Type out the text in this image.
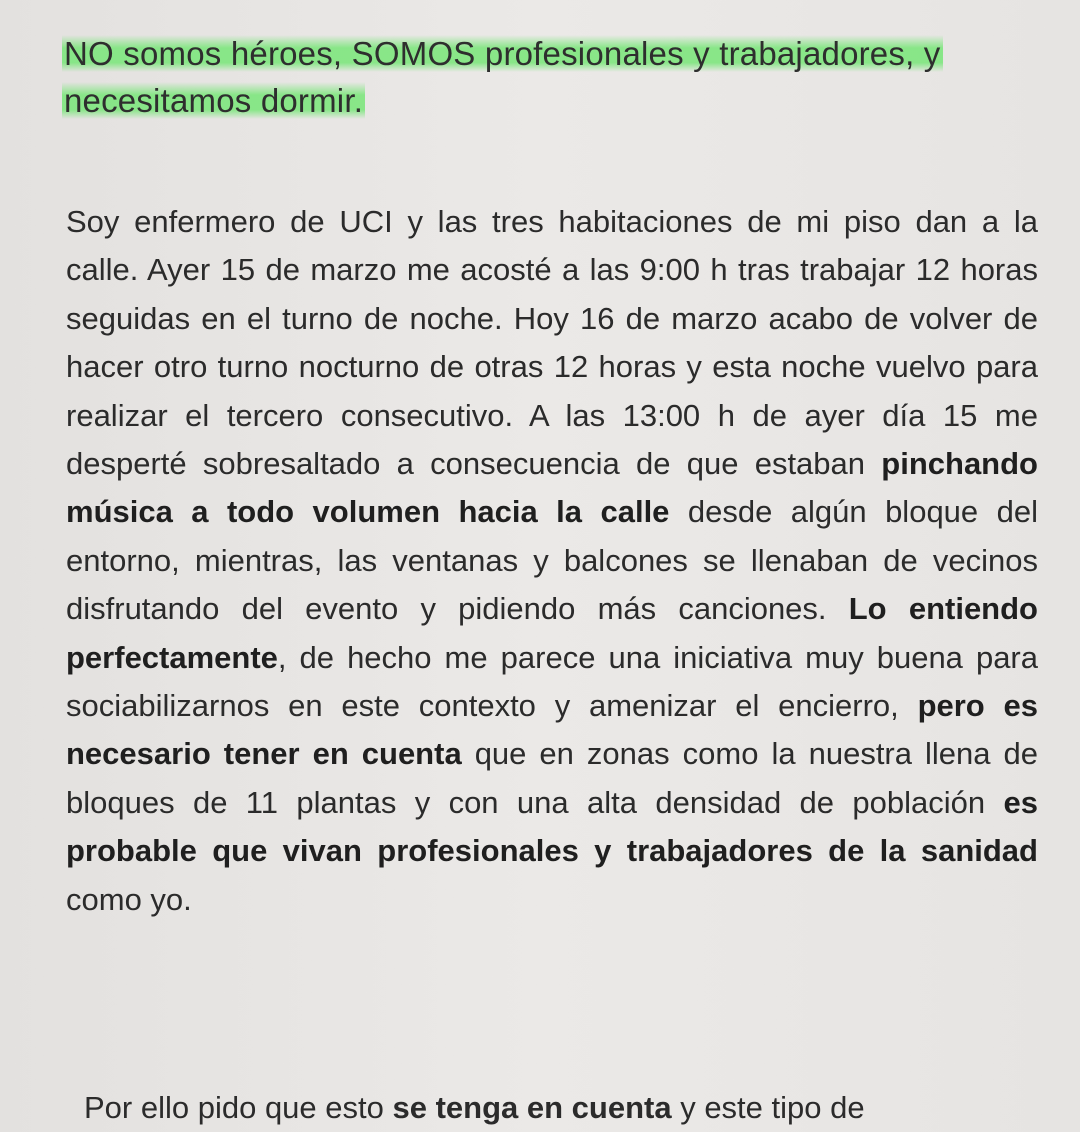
NO somos héroes, SOMOS profesionales y trabajadores, y
necesitamos dormir.
Soy enfermero de UCI y las tres habitaciones de mi piso dan a la calle. Ayer 15 de marzo me acosté a las 9:00 h tras trabajar 12 horas seguidas en el turno de noche. Hoy 16 de marzo acabo de volver de hacer otro turno nocturno de otras 12 horas y esta noche vuelvo para realizar el tercero consecutivo. A las 13:00 h de ayer día 15 me desperté sobresaltado a consecuencia de que estaban pinchando música a todo volumen hacia la calle desde algún bloque del entorno, mientras, las ventanas y balcones se llenaban de vecinos disfrutando del evento y pidiendo más canciones. Lo entiendo perfectamente, de hecho me parece una iniciativa muy buena para sociabilizarnos en este contexto y amenizar el encierro, pero es necesario tener en cuenta que en zonas como la nuestra llena de bloques de 11 plantas y con una alta densidad de población es probable que vivan profesionales y trabajadores de la sanidad como yo.
Por ello pido que esto se tenga en cuenta y este tipo de
